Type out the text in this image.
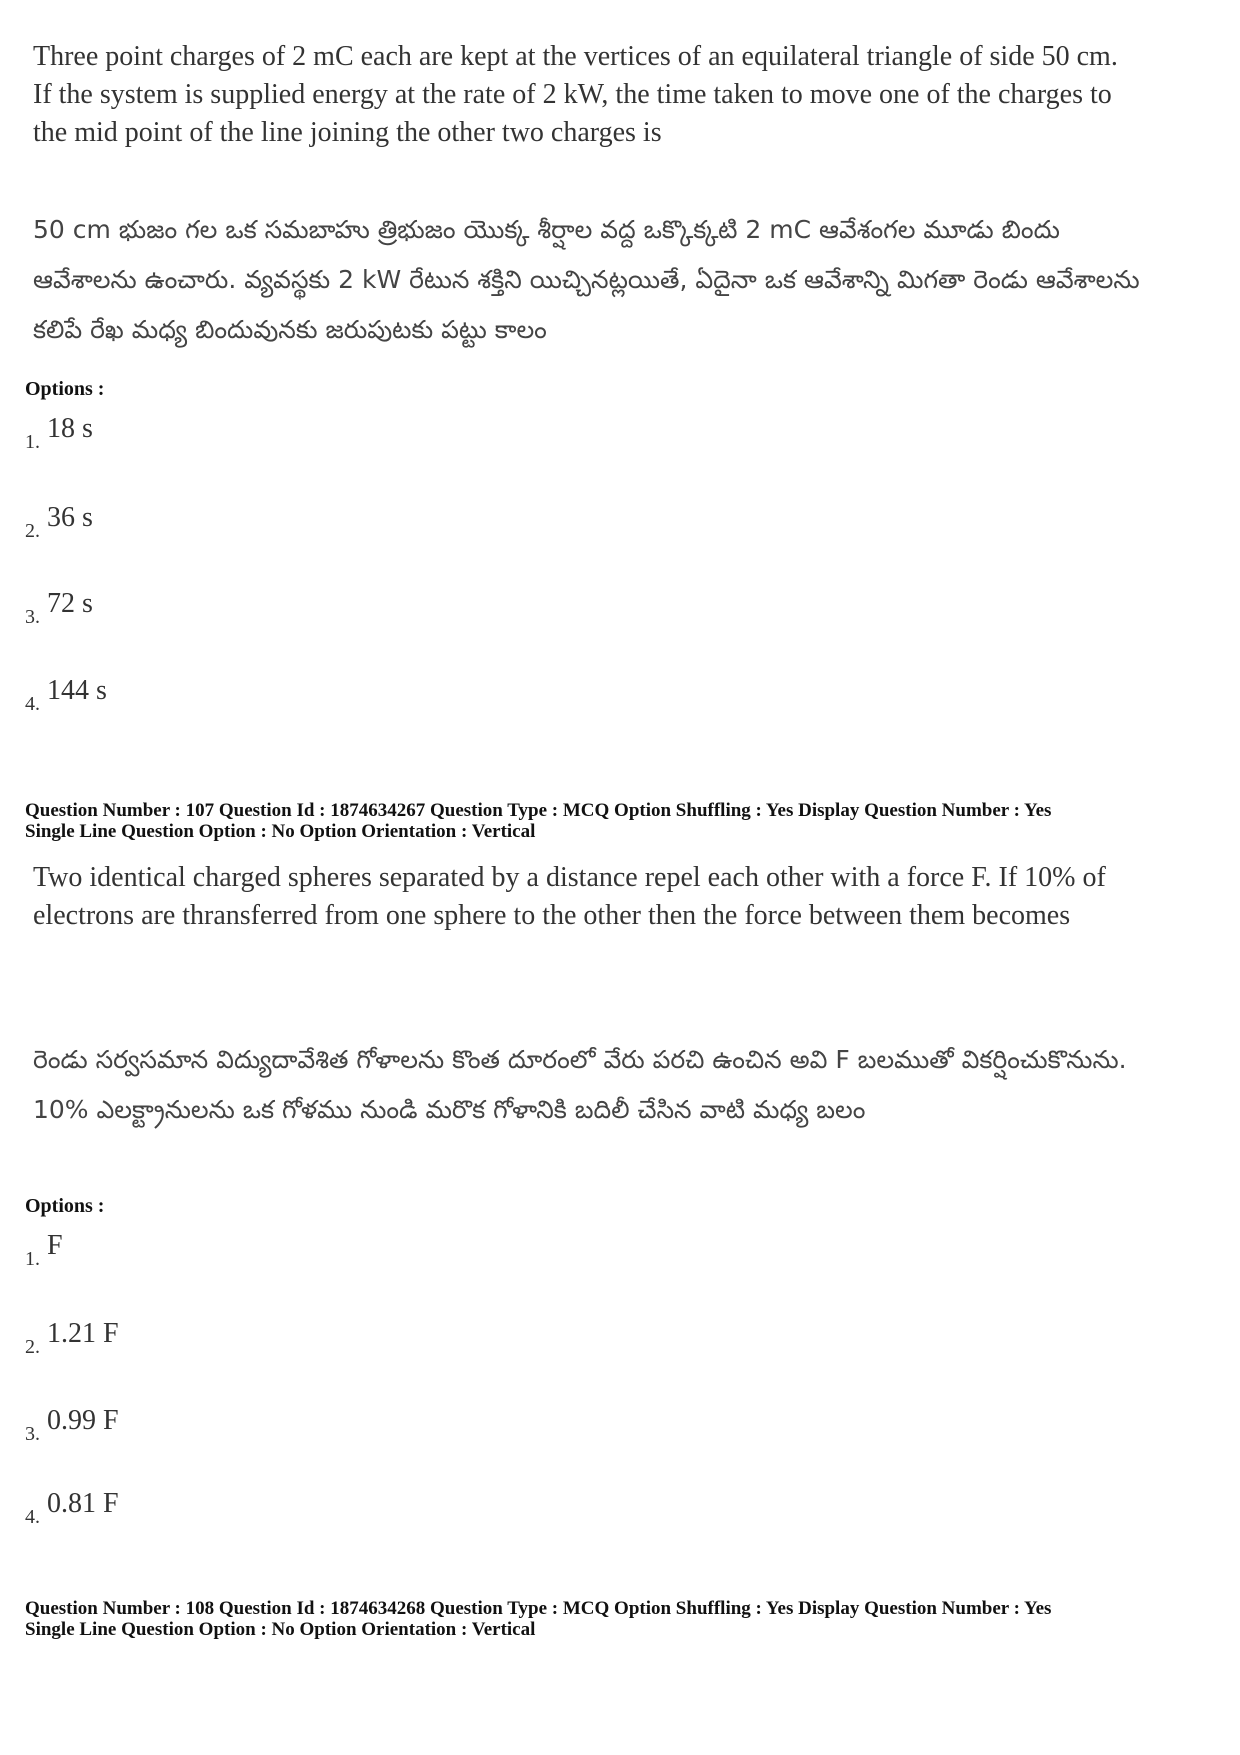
Three point charges of 2 mC each are kept at the vertices of an equilateral triangle of side 50 cm. If the system is supplied energy at the rate of 2 kW, the time taken to move one of the charges to the mid point of the line joining the other two charges is
50 cm భుజం గల ఒక సమబాహు త్రిభుజం యొక్క శీర్షాల వద్ద ఒక్కొక్కటి 2 mC ఆవేశంగల మూడు బిందు ఆవేశాలను ఉంచారు. వ్యవస్థకు 2 kW రేటున శక్తిని యిచ్చినట్లయితే, ఏదైనా ఒక ఆవేశాన్ని మిగతా రెండు ఆవేశాలను కలిపే రేఖ మధ్య బిందువునకు జరుపుటకు పట్టు కాలం
Options :
1. 18 s
2. 36 s
3. 72 s
4. 144 s
Question Number : 107 Question Id : 1874634267 Question Type : MCQ Option Shuffling : Yes Display Question Number : Yes
Single Line Question Option : No Option Orientation : Vertical
Two identical charged spheres separated by a distance repel each other with a force F. If 10% of electrons are thransferred from one sphere to the other then the force between them becomes
రెండు సర్వసమాన విద్యుదావేశిత గోళాలను కొంత దూరంలో వేరు పరచి ఉంచిన అవి F బలముతో వికర్షించుకొనును. 10% ఎలక్ట్రానులను ఒక గోళము నుండి మరొక గోళానికి బదిలీ చేసిన వాటి మధ్య బలం
Options :
1. F
2. 1.21 F
3. 0.99 F
4. 0.81 F
Question Number : 108 Question Id : 1874634268 Question Type : MCQ Option Shuffling : Yes Display Question Number : Yes
Single Line Question Option : No Option Orientation : Vertical
